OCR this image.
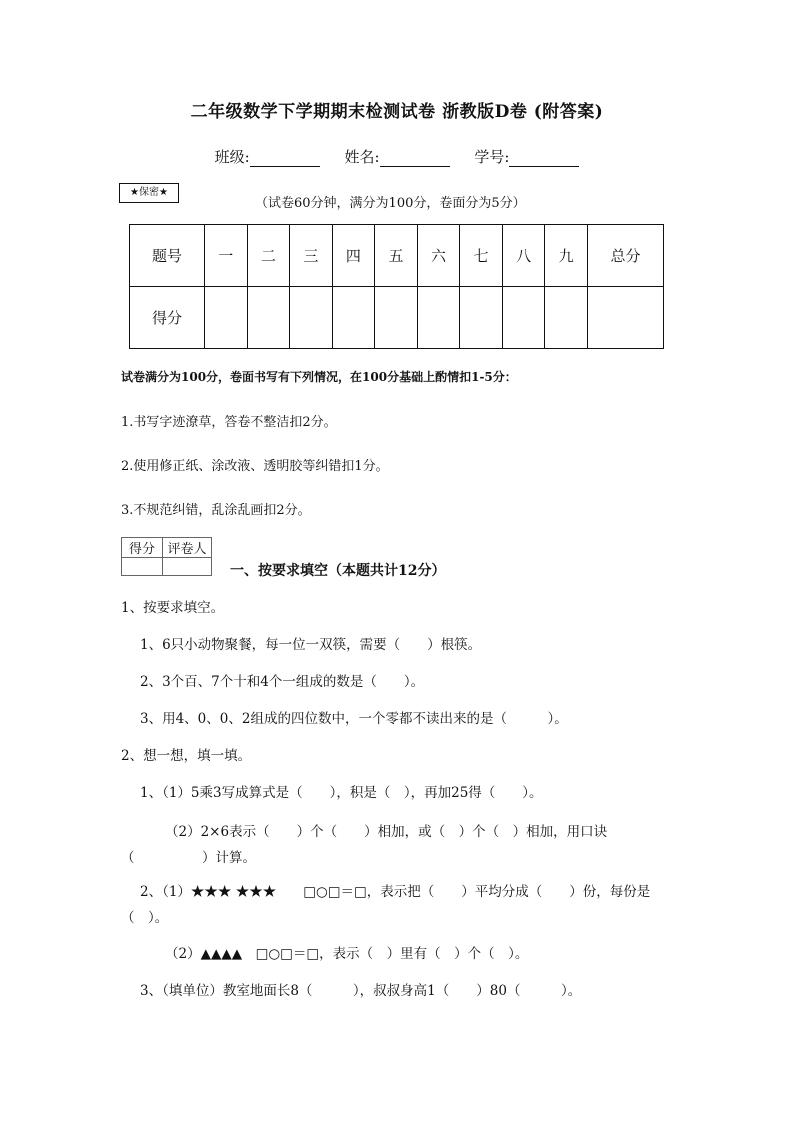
二年级数学下学期期末检测试卷 浙教版D卷 (附答案)
班级:	姓名:	学号:
★保密★
（试卷60分钟，满分为100分，卷面分为5分）
题号	一	二	三	四	五	六	七	八	九	总分
得分										
试卷满分为100分，卷面书写有下列情况，在100分基础上酌情扣1-5分：
1.书写字迹潦草，答卷不整洁扣2分。
2.使用修正纸、涂改液、透明胶等纠错扣1分。
3.不规范纠错，乱涂乱画扣2分。
得分	评卷人

一、按要求填空（本题共计12分）
1、按要求填空。
1、6只小动物聚餐，每一位一双筷，需要（　　）根筷。
2、3个百、7个十和4个一组成的数是（　　）。
3、用4、0、0、2组成的四位数中，一个零都不读出来的是（　　　）。
2、想一想，填一填。
1、（1）5乘3写成算式是（　　），积是（　），再加25得（　　）。
（2）2×6表示（　　）个（　　）相加，或（　）个（　）相加，用口诀（　　　　　）计算。
2、（1）★★★ ★★★　　□○□＝□，表示把（　　）平均分成（　　）份，每份是（　）。
（2）▲▲▲▲　□○□＝□，表示（　）里有（　）个（　）。
3、（填单位）教室地面长8（　　　），叔叔身高1（　　）80（　　　）。
